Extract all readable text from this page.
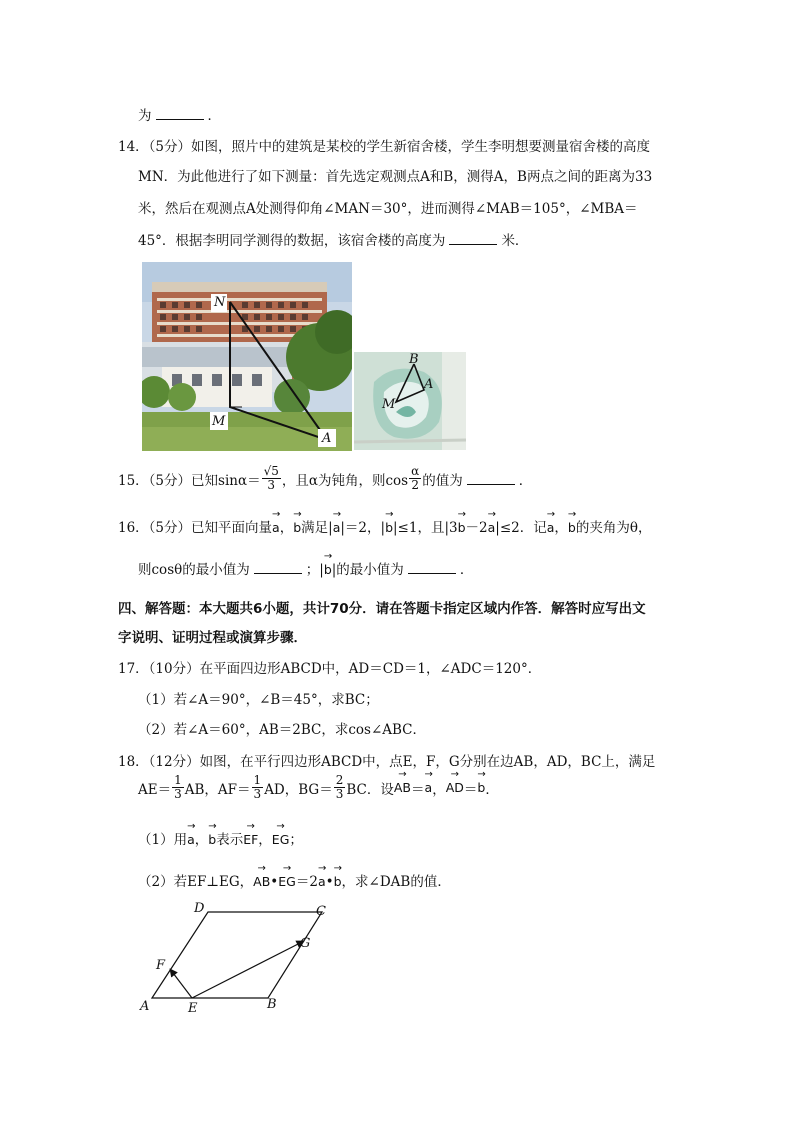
为	．
14．（5分）如图，照片中的建筑是某校的学生新宿舍楼，学生李明想要测量宿舍楼的高度
MN．为此他进行了如下测量：首先选定观测点A和B，测得A，B两点之间的距离为33
米，然后在观测点A处测得仰角∠MAN＝30°，进而测得∠MAB＝105°，∠MBA＝
45°．根据李明同学测得的数据，该宿舍楼的高度为	米．
N
M
A
B
A
M
15．（5分）已知$\sin\alpha= \frac{√5}{3}$ ，且α为钝角，则$\cos \frac{\alpha}{2}$ 的值为	．
16．（5分）已知平面向量→ a，→ b满足|→ a|＝2，|→ b|≤1，且|3→ b－2→ a|≤2．记→ a，→ b的夹角为θ，
则cosθ的最小值为	；|→ b|的最小值为	．
四、解答题：本大题共6小题，共计70分．请在答题卡指定区域内作答．解答时应写出文
字说明、证明过程或演算步骤．
17．（10分）在平面四边形ABCD中，AD＝CD＝1，∠ADC＝120°．
（1）若∠A＝90°，∠B＝45°，求BC；
（2）若∠A＝60°，AB＝2BC，求cos∠ABC．
18．（12分）如图，在平行四边形ABCD中，点E，F，G分别在边AB，AD，BC上，满足
$AE= \frac{1}{3}$ AB，$AF= \frac{1}{3}$ AD，$BG= \frac{2}{3}$ BC．设 → AB ＝ → a ， → AD ＝ → b ．
（1）用→ a，→ b表示→ EF，→ EG；
（2）若EF⊥EG，→ AB•→ EG＝2→ a•→ b，求∠DAB的值．
D	C
G
F
A	E	B
